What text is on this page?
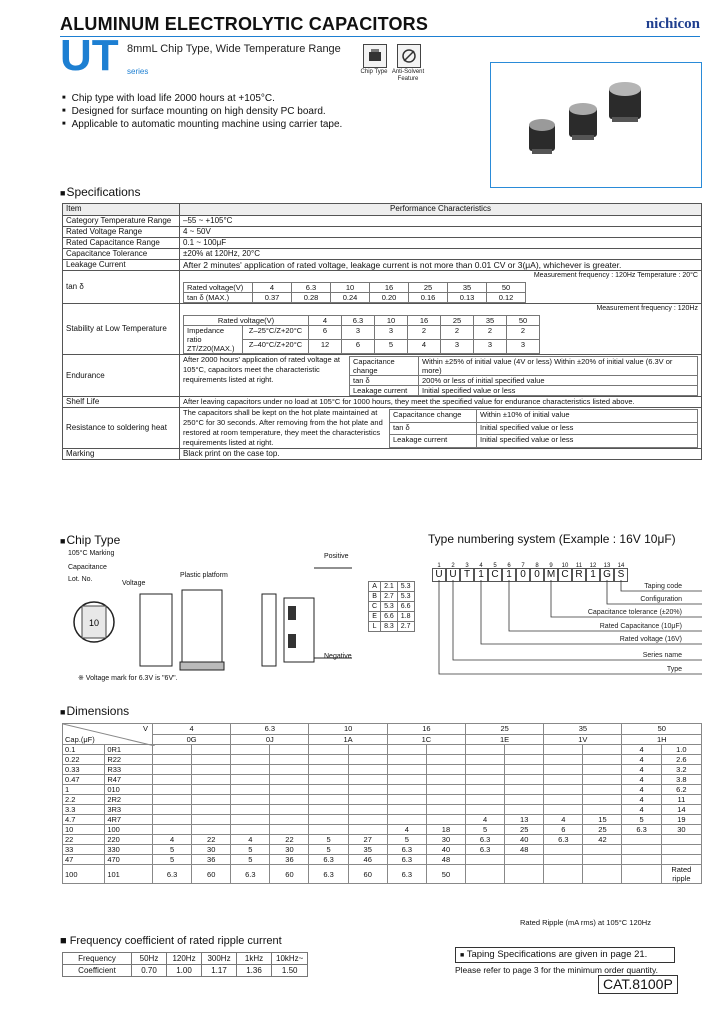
ALUMINUM ELECTROLYTIC CAPACITORS	nichicon
UT series
8mmL Chip Type, Wide Temperature Range
Chip Type Anti-Solvent Feature
■ Chip type with load life 2000 hours at +105°C.
■ Designed for surface mounting on high density PC board.
■ Applicable to automatic mounting machine using carrier tape.
■ Specifications
Item	Performance Characteristics
Category Temperature Range	–55 ~ +105°C
Rated Voltage Range	4 ~ 50V
Rated Capacitance Range	0.1 ~ 100μF
Capacitance Tolerance	±20% at 120Hz, 20°C
Leakage Current	After 2 minutes' application of rated voltage, leakage current is not more than 0.01 CV or 3(μA), whichever is greater.
tan δ	
Measurement frequency : 120Hz Temperature : 20°C
Rated voltage(V)	4	6.3	10	16	25	35	50
tan δ (MAX.)	0.37	0.28	0.24	0.20	0.16	0.13	0.12

Stability at Low Temperature	
Measurement frequency : 120Hz
Rated voltage(V)	4	6.3	10	16	25	35	50
Impedance ratio
ZT/Z20(MAX.)	Z–25°C/Z+20°C	6	3	3	2	2	2	2
Z–40°C/Z+20°C	12	6	5	4	3	3	3

Endurance	
After 2000 hours' application of rated voltage at 105°C, capacitors meet the characteristic requirements listed at right.
Capacitance change	Within ±25% of initial value (4V or less) Within ±20% of initial value (6.3V or more)
tan δ	200% or less of initial specified value
Leakage current	Initial specified value or less

Shelf Life	After leaving capacitors under no load at 105°C for 1000 hours, they meet the specified value for endurance characteristics listed above.
Resistance to soldering heat	
The capacitors shall be kept on the hot plate maintained at 250°C for 30 seconds. After removing from the hot plate and restored at room temperature, they meet the characteristics requirements listed at right.
Capacitance change	Within ±10% of initial value
tan δ	Initial specified value or less
Leakage current	Initial specified value or less

Marking	Black print on the case top.
■ Chip Type
105°C Marking
Capacitance
Lot. No.
Voltage
Plastic platform
Positive
Negative
10
※ Voltage mark for 6.3V is "6V".
A	2.1	5.3
B	2.7	5.3
C	5.3	6.6
E	6.6	1.8
L	8.3	2.7
Type numbering system (Example : 16V 10μF)
1 2 3 4 5 6 7 8 9 10 11 12 13 14
U U T 1 C 1 0 0 M C R 1 G S
Taping code
Configuration
Capacitance tolerance (±20%)
Rated Capacitance (10μF)
Rated voltage (16V)
Series name
Type
■ Dimensions
V
Cap.(μF)		4		6.3		10		16		25		35		50	
		0G		0J		1A		1C		1E		1V		1H	
0.1	0R1													4	1.0
0.22	R22													4	2.6
0.33	R33													4	3.2
0.47	R47													4	3.8
1	010													4	6.2
2.2	2R2													4	11
3.3	3R3													4	14
4.7	4R7									4	13	4	15	5	19
10	100							4	18	5	25	6	25	6.3	30
22	220	4	22	4	22	5	27	5	30	6.3	40	6.3	42		
33	330	5	30	5	30	5	35	6.3	40	6.3	48				
47	470	5	36	5	36	6.3	46	6.3	48						
100	101	6.3	60	6.3	60	6.3	60	6.3	50						Rated ripple
Rated Ripple (mA rms) at 105°C 120Hz
■ Frequency coefficient of rated ripple current
Frequency	50Hz	120Hz	300Hz	1kHz	10kHz~
Coefficient	0.70	1.00	1.17	1.36	1.50
■ Taping Specifications are given in page 21.
Please refer to page 3 for the minimum order quantity.
CAT.8100P
